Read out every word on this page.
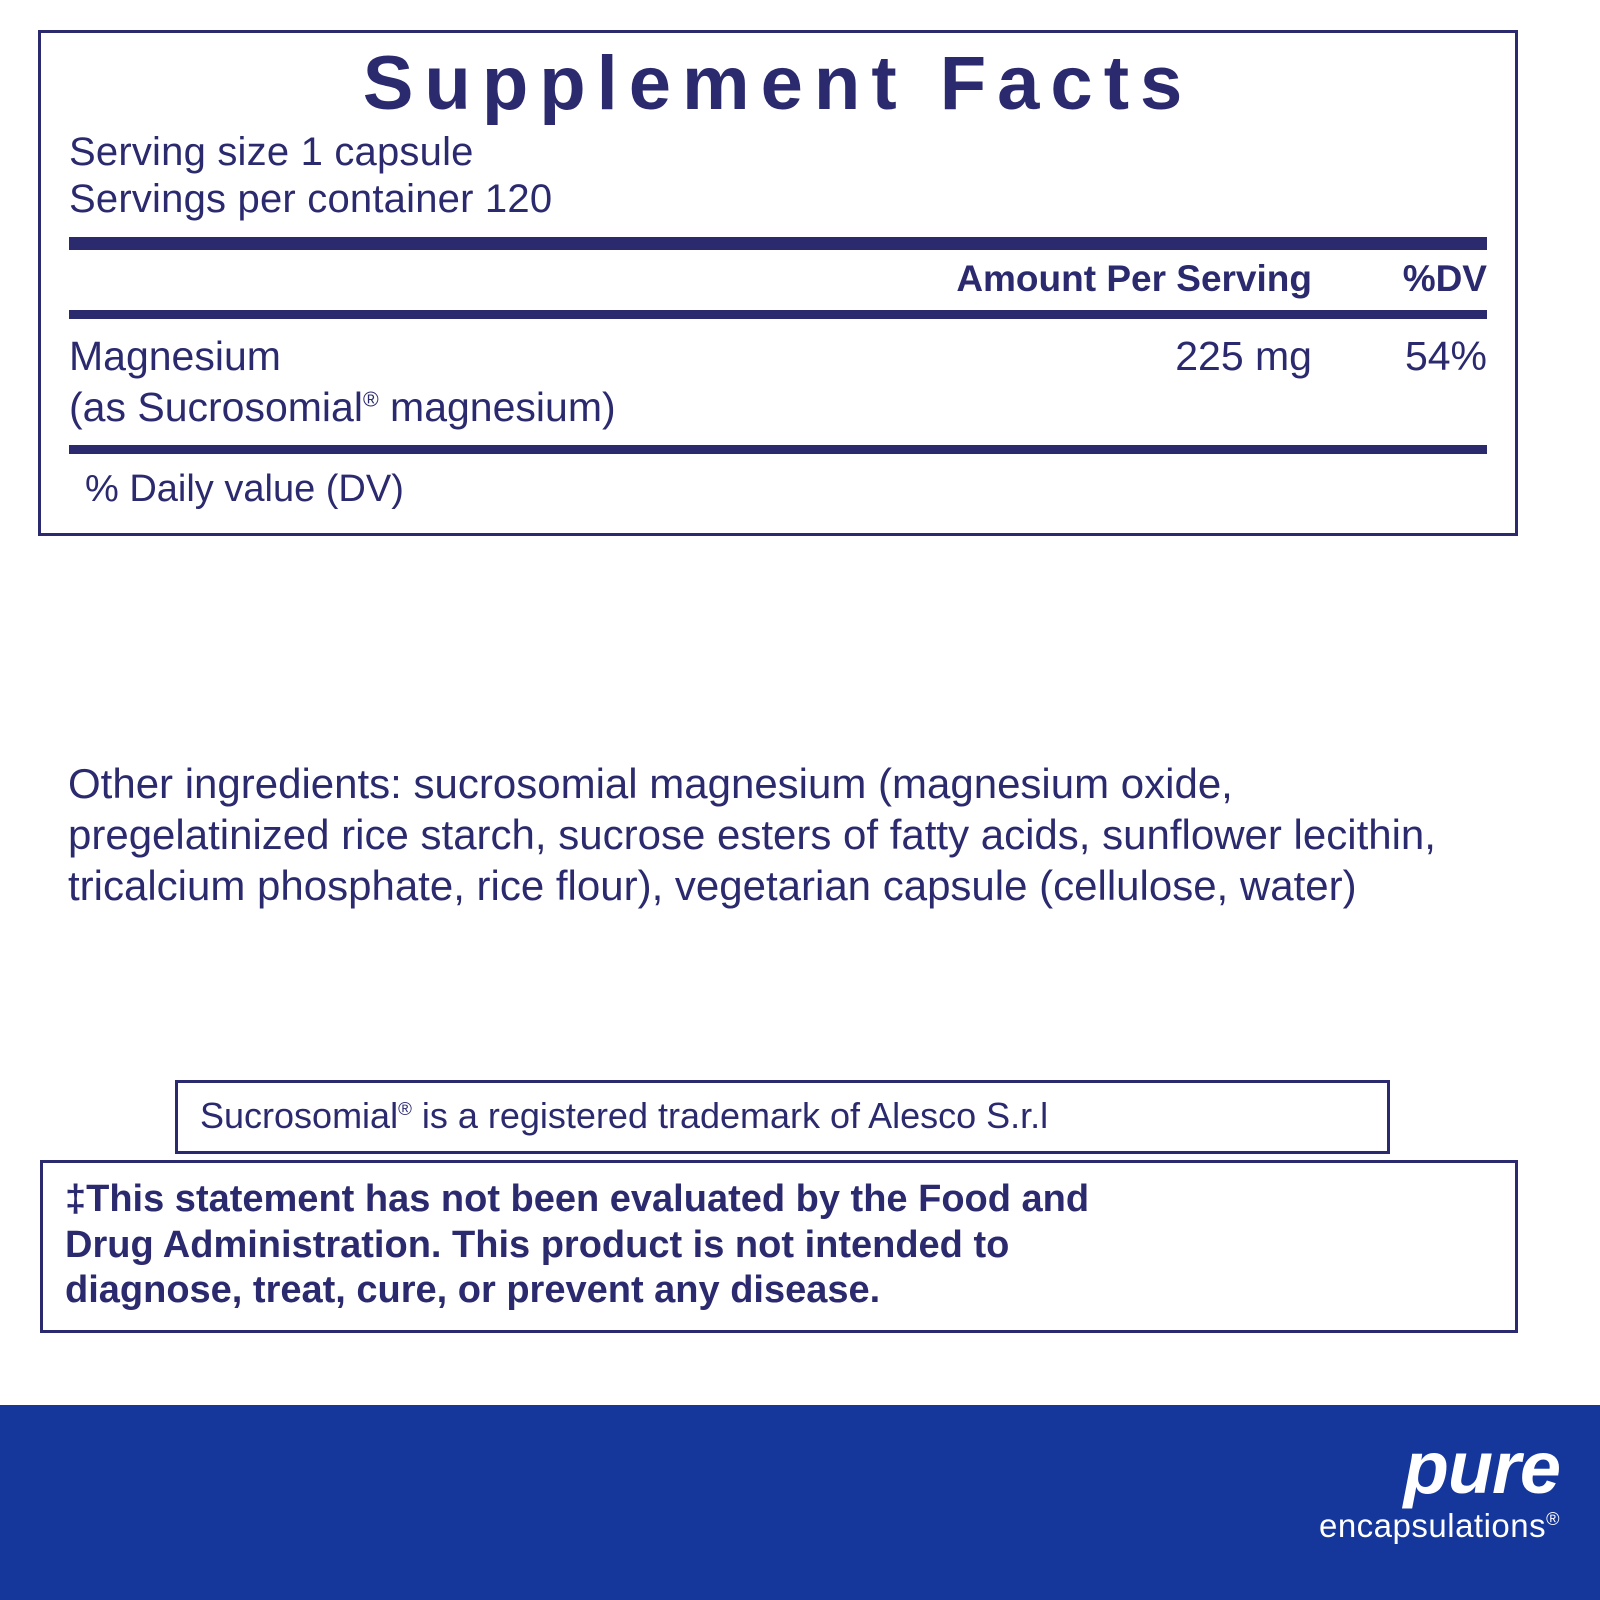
Supplement Facts
Serving size 1 capsule
Servings per container 120
Amount Per Serving	%DV
Magnesium	225 mg	54%
(as Sucrosomial® magnesium)
% Daily value (DV)
Other ingredients: sucrosomial magnesium (magnesium oxide, pregelatinized rice starch, sucrose esters of fatty acids, sunflower lecithin, tricalcium phosphate, rice flour), vegetarian capsule (cellulose, water)
Sucrosomial® is a registered trademark of Alesco S.r.l
‡This statement has not been evaluated by the Food and
Drug Administration. This product is not intended to
diagnose, treat, cure, or prevent any disease.
pure
encapsulations®
